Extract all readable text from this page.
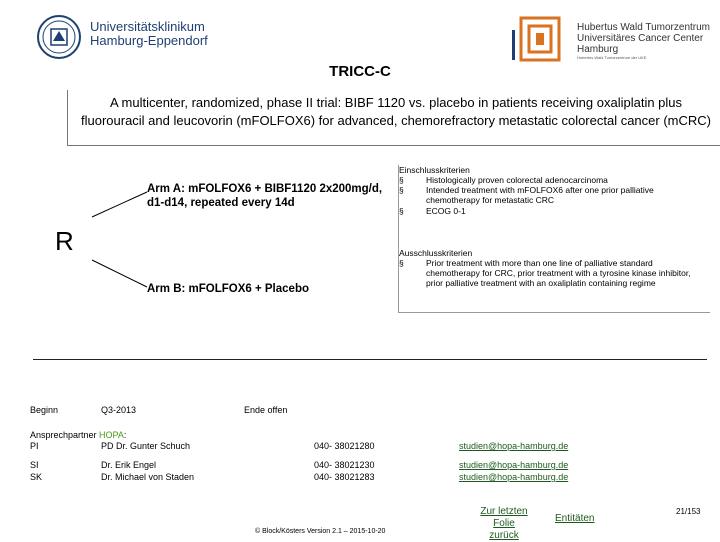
Universitätsklinikum
Hamburg-Eppendorf
Hubertus Wald Tumorzentrum
Universitäres Cancer Center Hamburg
Hubertus Wald Tumorzentrum der UKE
TRICC-C
A multicenter, randomized, phase II trial: BIBF 1120 vs. placebo in patients receiving oxaliplatin plus fluorouracil and leucovorin (mFOLFOX6) for advanced, chemorefractory metastatic colorectal cancer (mCRC)
R
Arm A: mFOLFOX6 + BIBF1120 2x200mg/d, d1-d14, repeated every 14d
Arm B: mFOLFOX6 + Placebo
Einschlusskriterien
§	Histologically proven colorectal adenocarcinoma
§	Intended treatment with mFOLFOX6 after one prior palliative chemotherapy for metastatic CRC
§	ECOG 0-1
Ausschlusskriterien
§	Prior treatment with more than one line of palliative standard chemotherapy for CRC, prior treatment with a tyrosine kinase inhibitor, prior palliative treatment with an oxaliplatin containing regime
Beginn	Q3-2013	Ende offen
Ansprechpartner HOPA:
PI	PD Dr. Gunter Schuch	040- 38021280	studien@hopa-hamburg.de
SI	Dr. Erik Engel	040- 38021230	studien@hopa-hamburg.de
SK	Dr. Michael von Staden	040- 38021283	studien@hopa-hamburg.de
Zur letzten
Folie zurück
Entitäten
21/153
© Block/Kösters Version 2.1 – 2015-10-20
